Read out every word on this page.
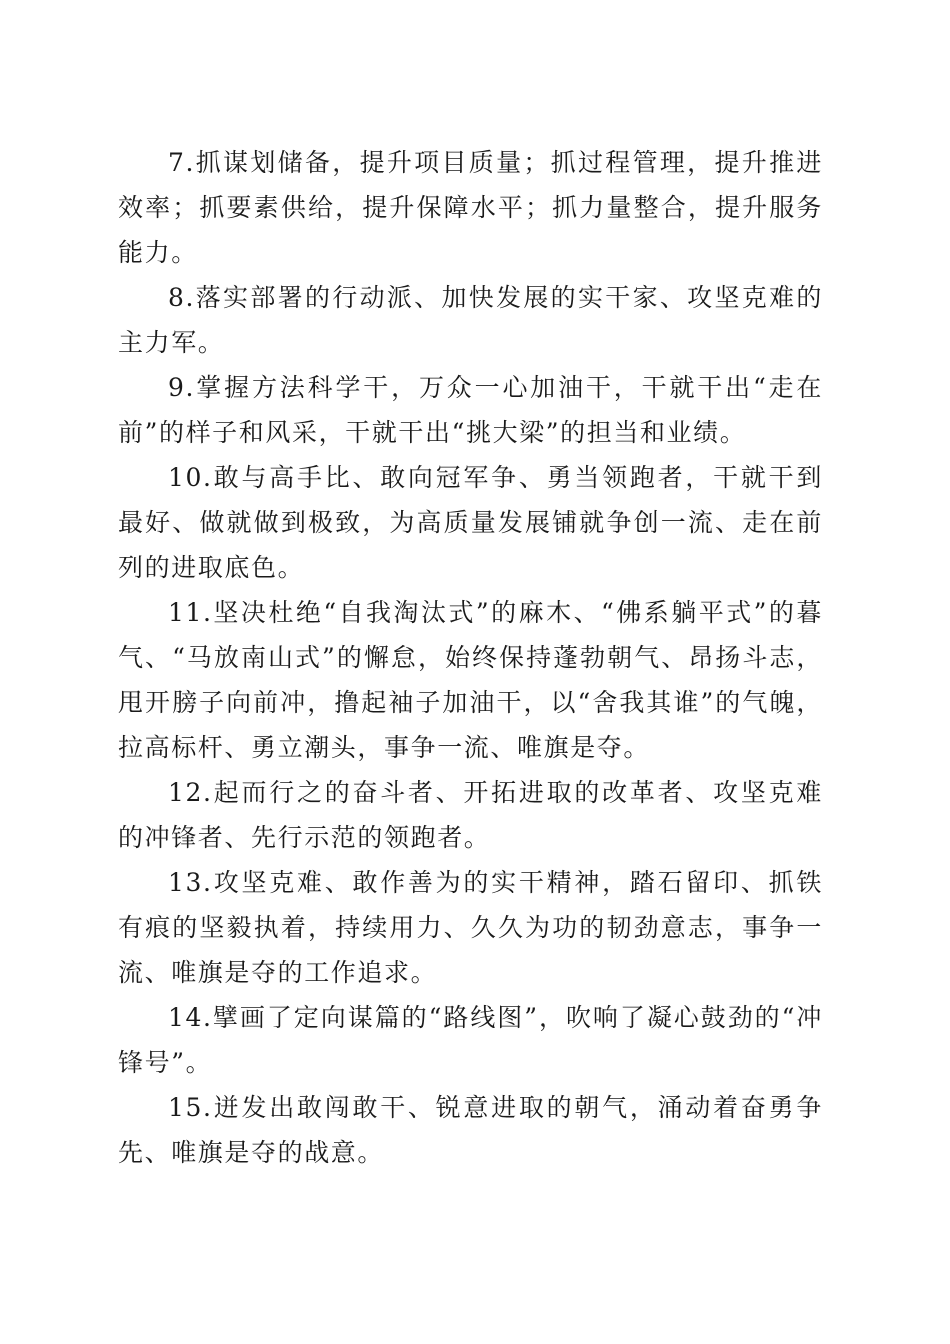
7.抓谋划储备，提升项目质量；抓过程管理，提升推进效率；抓要素供给，提升保障水平；抓力量整合，提升服务能力。

8.落实部署的行动派、加快发展的实干家、攻坚克难的主力军。

9.掌握方法科学干，万众一心加油干，干就干出“走在前”的样子和风采，干就干出“挑大梁”的担当和业绩。

10.敢与高手比、敢向冠军争、勇当领跑者，干就干到最好、做就做到极致，为高质量发展铺就争创一流、走在前列的进取底色。

11.坚决杜绝“自我淘汰式”的麻木、“佛系躺平式”的暮气、“马放南山式”的懈怠，始终保持蓬勃朝气、昂扬斗志，甩开膀子向前冲，撸起袖子加油干，以“舍我其谁”的气魄，拉高标杆、勇立潮头，事争一流、唯旗是夺。

12.起而行之的奋斗者、开拓进取的改革者、攻坚克难的冲锋者、先行示范的领跑者。

13.攻坚克难、敢作善为的实干精神，踏石留印、抓铁有痕的坚毅执着，持续用力、久久为功的韧劲意志，事争一流、唯旗是夺的工作追求。

14.擘画了定向谋篇的“路线图”，吹响了凝心鼓劲的“冲锋号”。

15.迸发出敢闯敢干、锐意进取的朝气，涌动着奋勇争先、唯旗是夺的战意。
